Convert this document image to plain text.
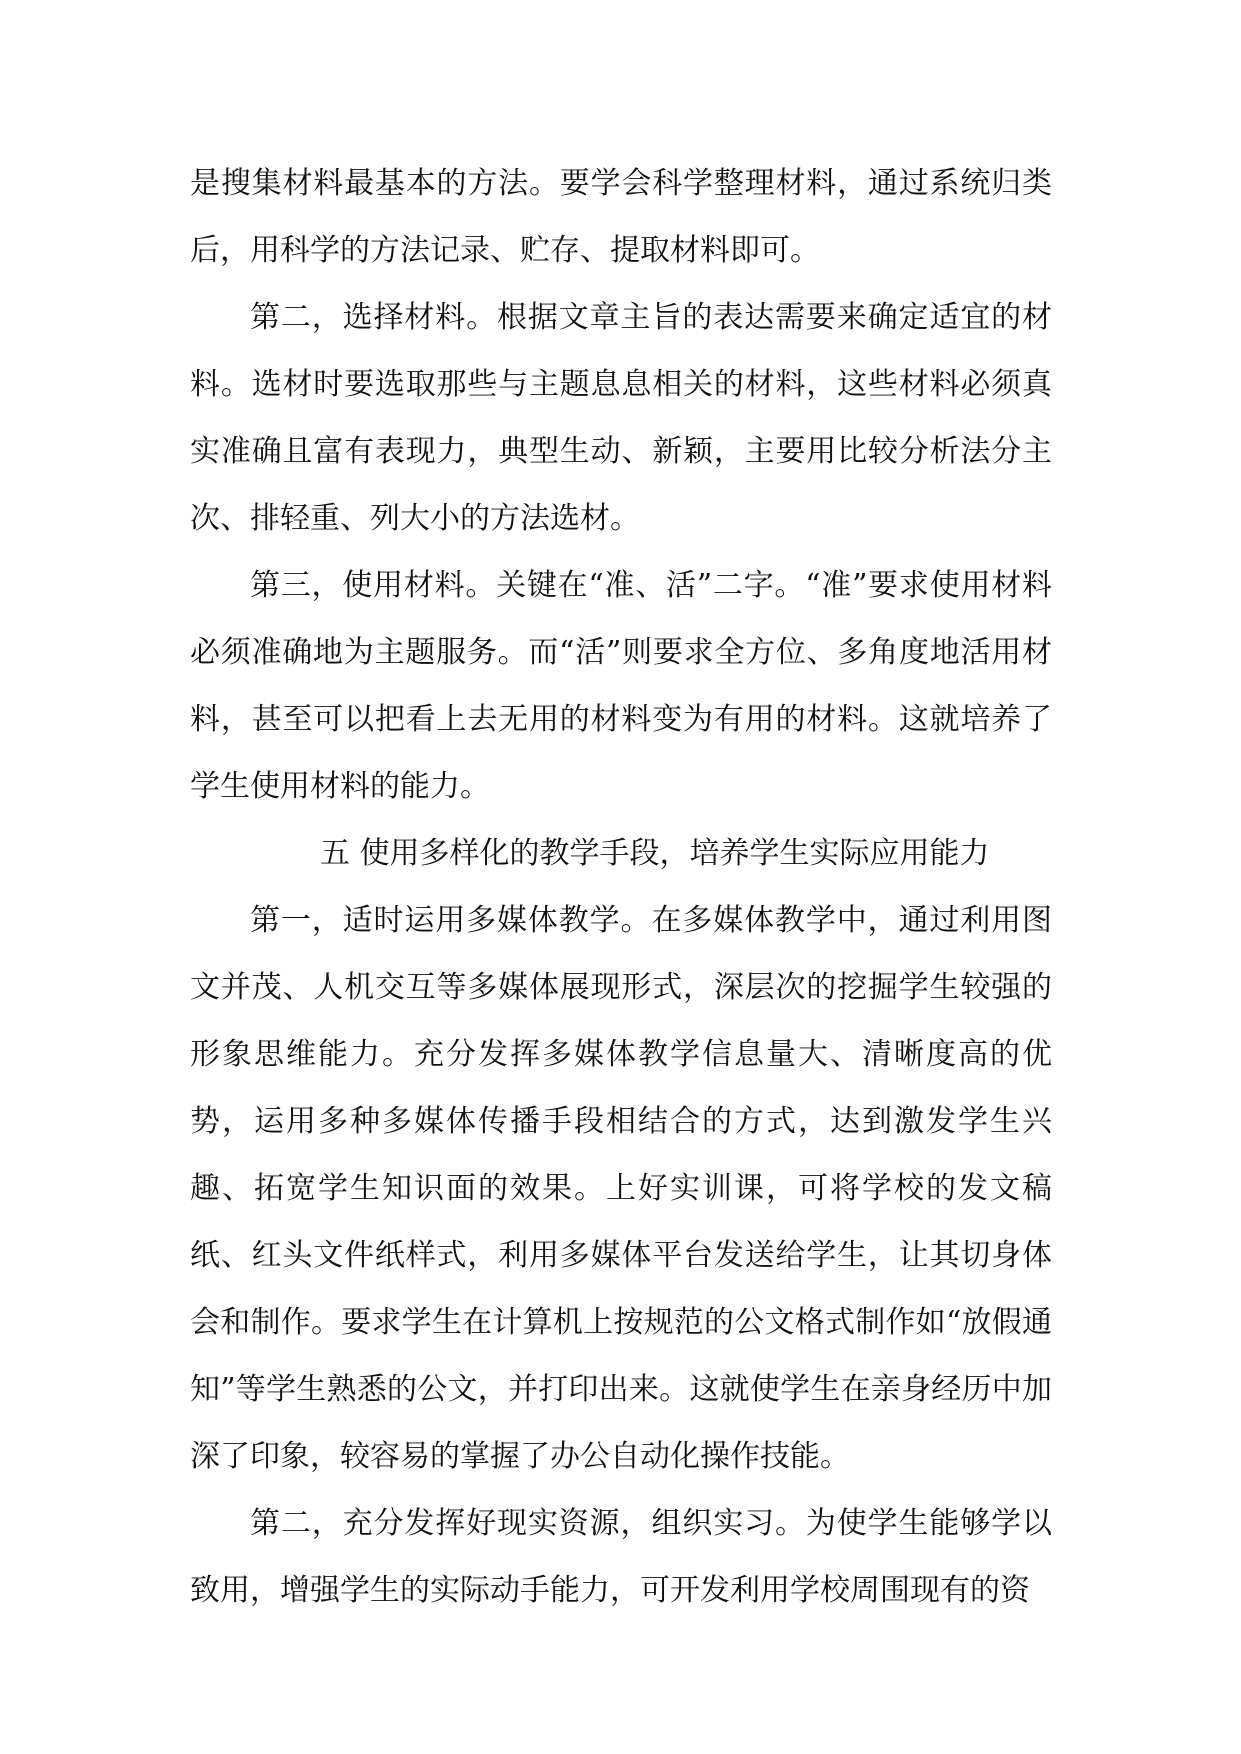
是搜集材料最基本的方法。要学会科学整理材料，通过系统归类后，用科学的方法记录、贮存、提取材料即可。

第二，选择材料。根据文章主旨的表达需要来确定适宜的材料。选材时要选取那些与主题息息相关的材料，这些材料必须真实准确且富有表现力，典型生动、新颖，主要用比较分析法分主次、排轻重、列大小的方法选材。

第三，使用材料。关键在“准、活”二字。“准”要求使用材料必须准确地为主题服务。而“活”则要求全方位、多角度地活用材料，甚至可以把看上去无用的材料变为有用的材料。这就培养了学生使用材料的能力。

五 使用多样化的教学手段，培养学生实际应用能力

第一，适时运用多媒体教学。在多媒体教学中，通过利用图文并茂、人机交互等多媒体展现形式，深层次的挖掘学生较强的形象思维能力。充分发挥多媒体教学信息量大、清晰度高的优势，运用多种多媒体传播手段相结合的方式，达到激发学生兴趣、拓宽学生知识面的效果。上好实训课，可将学校的发文稿纸、红头文件纸样式，利用多媒体平台发送给学生，让其切身体会和制作。要求学生在计算机上按规范的公文格式制作如“放假通知”等学生熟悉的公文，并打印出来。这就使学生在亲身经历中加深了印象，较容易的掌握了办公自动化操作技能。

第二，充分发挥好现实资源，组织实习。为使学生能够学以致用，增强学生的实际动手能力，可开发利用学校周围现有的资
